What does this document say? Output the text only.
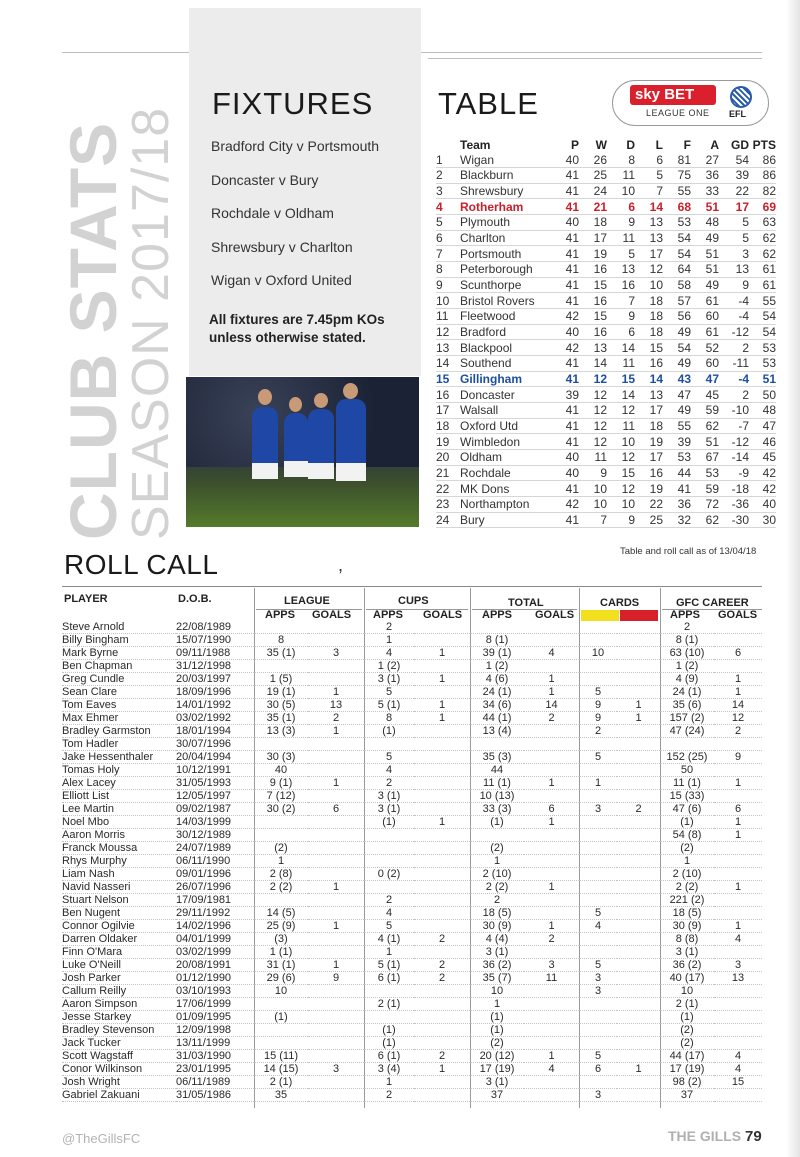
CLUB STATS
SEASON 2017/18
FIXTURES
Bradford City v Portsmouth
Doncaster v Bury
Rochdale v Oldham
Shrewsbury v Charlton
Wigan v Oxford United
All fixtures are 7.45pm KOs unless otherwise stated.
TABLE	sky BET
LEAGUE ONE EFL
Team		P	W	D	L	F	A	GD	PTS
1	Wigan	40	26	8	6	81	27	54	86
2	Blackburn	41	25	11	5	75	36	39	86
3	Shrewsbury	41	24	10	7	55	33	22	82
4	Rotherham	41	21	6	14	68	51	17	69
5	Plymouth	40	18	9	13	53	48	5	63
6	Charlton	41	17	11	13	54	49	5	62
7	Portsmouth	41	19	5	17	54	51	3	62
8	Peterborough	41	16	13	12	64	51	13	61
9	Scunthorpe	41	15	16	10	58	49	9	61
10	Bristol Rovers	41	16	7	18	57	61	-4	55
11	Fleetwood	42	15	9	18	56	60	-4	54
12	Bradford	40	16	6	18	49	61	-12	54
13	Blackpool	42	13	14	15	54	52	2	53
14	Southend	41	14	11	16	49	60	-11	53
15	Gillingham	41	12	15	14	43	47	-4	51
16	Doncaster	39	12	14	13	47	45	2	50
17	Walsall	41	12	12	17	49	59	-10	48
18	Oxford Utd	41	12	11	18	55	62	-7	47
19	Wimbledon	41	12	10	19	39	51	-12	46
20	Oldham	40	11	12	17	53	67	-14	45
21	Rochdale	40	9	15	16	44	53	-9	42
22	MK Dons	41	10	12	19	41	59	-18	42
23	Northampton	42	10	10	22	36	72	-36	40
24	Bury	41	7	9	25	32	62	-30	30
Table and roll call as of 13/04/18
ROLL CALL	,
PLAYER	D.O.B.	LEAGUE	CUPS	TOTAL	CARDS	GFC CAREER
APPS GOALS APPS GOALS APPS GOALS	APPS GOALS
Steve Arnold	22/08/1989			2						2	
Billy Bingham	15/07/1990	8		1		8 (1)				8 (1)	
Mark Byrne	09/11/1988	35 (1)	3	4	1	39 (1)	4	10		63 (10)	6
Ben Chapman	31/12/1998			1 (2)		1 (2)				1 (2)	
Greg Cundle	20/03/1997	1 (5)		3 (1)	1	4 (6)	1			4 (9)	1
Sean Clare	18/09/1996	19 (1)	1	5		24 (1)	1	5		24 (1)	1
Tom Eaves	14/01/1992	30 (5)	13	5 (1)	1	34 (6)	14	9	1	35 (6)	14
Max Ehmer	03/02/1992	35 (1)	2	8	1	44 (1)	2	9	1	157 (2)	12
Bradley Garmston	18/01/1994	13 (3)	1	(1)		13 (4)		2		47 (24)	2
Tom Hadler	30/07/1996										
Jake Hessenthaler	20/04/1994	30 (3)		5		35 (3)		5		152 (25)	9
Tomas Holy	10/12/1991	40		4		44				50	
Alex Lacey	31/05/1993	9 (1)	1	2		11 (1)	1	1		11 (1)	1
Elliott List	12/05/1997	7 (12)		3 (1)		10 (13)				15 (33)	
Lee Martin	09/02/1987	30 (2)	6	3 (1)		33 (3)	6	3	2	47 (6)	6
Noel Mbo	14/03/1999			(1)	1	(1)	1			(1)	1
Aaron Morris	30/12/1989									54 (8)	1
Franck Moussa	24/07/1989	(2)				(2)				(2)	
Rhys Murphy	06/11/1990	1				1				1	
Liam Nash	09/01/1996	2 (8)		0 (2)		2 (10)				2 (10)	
Navid Nasseri	26/07/1996	2 (2)	1			2 (2)	1			2 (2)	1
Stuart Nelson	17/09/1981			2		2				221 (2)	
Ben Nugent	29/11/1992	14 (5)		4		18 (5)		5		18 (5)	
Connor Ogilvie	14/02/1996	25 (9)	1	5		30 (9)	1	4		30 (9)	1
Darren Oldaker	04/01/1999	(3)		4 (1)	2	4 (4)	2			8 (8)	4
Finn O'Mara	03/02/1999	1 (1)		1		3 (1)				3 (1)	
Luke O'Neill	20/08/1991	31 (1)	1	5 (1)	2	36 (2)	3	5		36 (2)	3
Josh Parker	01/12/1990	29 (6)	9	6 (1)	2	35 (7)	11	3		40 (17)	13
Callum Reilly	03/10/1993	10				10		3		10	
Aaron Simpson	17/06/1999			2 (1)		1				2 (1)	
Jesse Starkey	01/09/1995	(1)				(1)				(1)	
Bradley Stevenson	12/09/1998			(1)		(1)				(2)	
Jack Tucker	13/11/1999			(1)		(2)				(2)	
Scott Wagstaff	31/03/1990	15 (11)		6 (1)	2	20 (12)	1	5		44 (17)	4
Conor Wilkinson	23/01/1995	14 (15)	3	3 (4)	1	17 (19)	4	6	1	17 (19)	4
Josh Wright	06/11/1989	2 (1)		1		3 (1)				98 (2)	15
Gabriel Zakuani	31/05/1986	35		2		37		3		37	
@TheGillsFC	THE GILLS 79
